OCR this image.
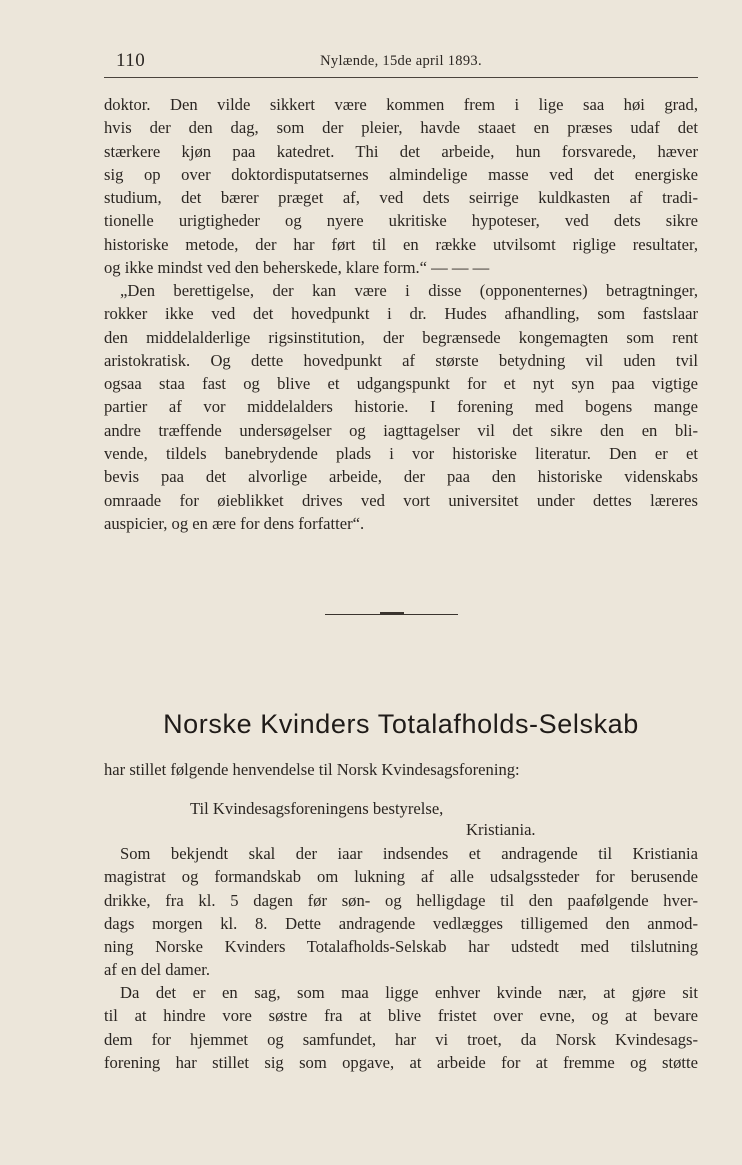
110	Nylænde, 15de april 1893.

doktor. Den vilde sikkert være kommen frem i lige saa høi grad,

hvis der den dag, som der pleier, havde staaet en præses udaf det

stærkere kjøn paa katedret. Thi det arbeide, hun forsvarede, hæver

sig op over doktordisputatsernes almindelige masse ved det energiske

studium, det bærer præget af, ved dets seirrige kuldkasten af tradi-

tionelle urigtigheder og nyere ukritiske hypoteser, ved dets sikre

historiske metode, der har ført til en række utvilsomt riglige resultater,

og ikke mindst ved den beherskede, klare form.“ — — —

„Den berettigelse, der kan være i disse (opponenternes) betragtninger,

rokker ikke ved det hovedpunkt i dr. Hudes afhandling, som fastslaar

den middelalderlige rigsinstitution, der begrænsede kongemagten som rent

aristokratisk. Og dette hovedpunkt af største betydning vil uden tvil

ogsaa staa fast og blive et udgangspunkt for et nyt syn paa vigtige

partier af vor middelalders historie. I forening med bogens mange

andre træffende undersøgelser og iagttagelser vil det sikre den en bli-

vende, tildels banebrydende plads i vor historiske literatur. Den er et

bevis paa det alvorlige arbeide, der paa den historiske videnskabs

omraade for øieblikket drives ved vort universitet under dettes læreres

auspicier, og en ære for dens forfatter“.

Norske Kvinders Totalafholds-Selskab
har stillet følgende henvendelse til Norsk Kvindesagsforening:
Til Kvindesagsforeningens bestyrelse,
Kristiania.

Som bekjendt skal der iaar indsendes et andragende til Kristiania

magistrat og formandskab om lukning af alle udsalgssteder for berusende

drikke, fra kl. 5 dagen før søn- og helligdage til den paafølgende hver-

dags morgen kl. 8. Dette andragende vedlægges tilligemed den anmod-

ning Norske Kvinders Totalafholds-Selskab har udstedt med tilslutning

af en del damer.

Da det er en sag, som maa ligge enhver kvinde nær, at gjøre sit

til at hindre vore søstre fra at blive fristet over evne, og at bevare

dem for hjemmet og samfundet, har vi troet, da Norsk Kvindesags-

forening har stillet sig som opgave, at arbeide for at fremme og støtte
